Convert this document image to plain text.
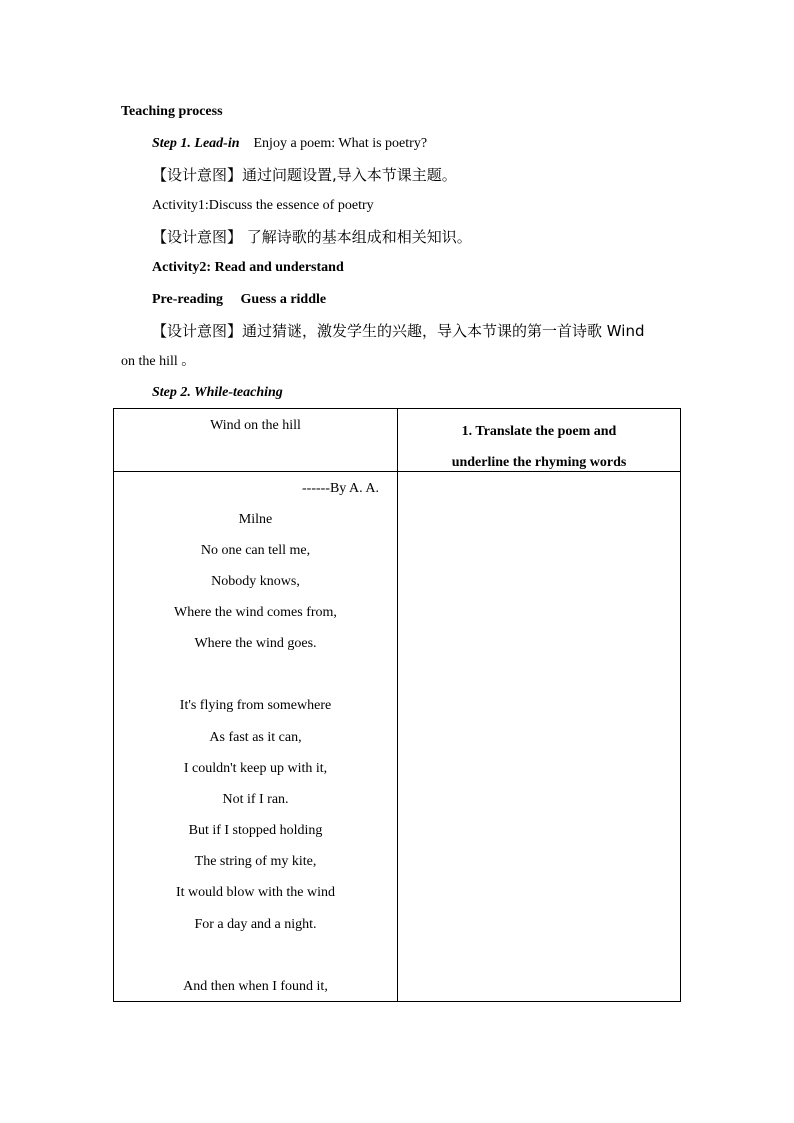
Teaching process
Step 1. Lead-in Enjoy a poem: What is poetry?
【设计意图】通过问题设置,导入本节课主题。
Activity1:Discuss the essence of poetry
【设计意图】 了解诗歌的基本组成和相关知识。
Activity2: Read and understand
Pre-reading Guess a riddle
【设计意图】通过猜谜，激发学生的兴趣，导入本节课的第一首诗歌 Wind
on the hill 。
Step 2. While-teaching
Wind on the hill	1. Translate the poem and
underline the rhyming words
------By A. A.
Milne
No one can tell me,
Nobody knows,
Where the wind comes from,
Where the wind goes.
It's flying from somewhere
As fast as it can,
I couldn't keep up with it,
Not if I ran.
But if I stopped holding
The string of my kite,
It would blow with the wind
For a day and a night.
And then when I found it,
